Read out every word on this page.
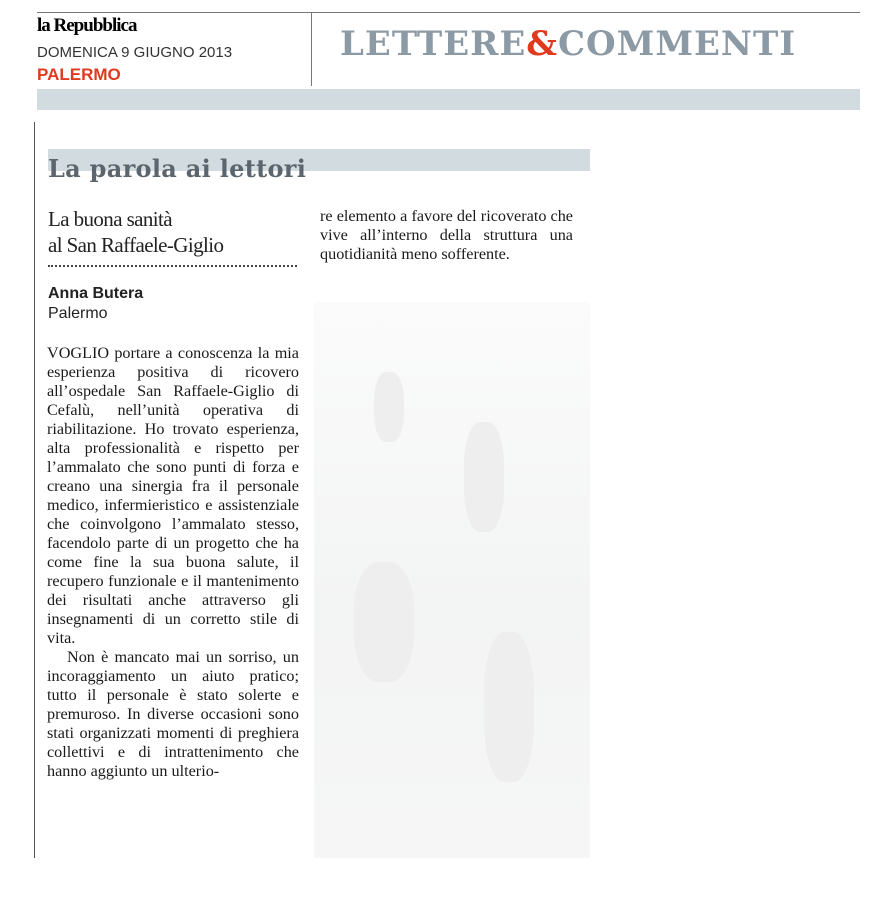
la Repubblica
DOMENICA 9 GIUGNO 2013
PALERMO
LETTERE&COMMENTI
La parola ai lettori
La buona sanità
al San Raffaele-Giglio
Anna Butera
Palermo

VOGLIO portare a conoscenza la mia esperienza positiva di ricovero all’ospedale San Raffaele-Giglio di Cefalù, nell’unità operativa di riabilitazione. Ho trovato esperienza, alta professionalità e rispetto per l’ammalato che sono punti di forza e creano una sinergia fra il personale medico, infermieristico e assistenziale che coinvolgono l’ammalato stesso, facendolo parte di un progetto che ha come fine la sua buona salute, il recupero funzionale e il mantenimento dei risultati anche attraverso gli insegnamenti di un corretto stile di vita.

Non è mancato mai un sorriso, un incoraggiamento un aiuto pratico; tutto il personale è stato solerte e premuroso. In diverse occasioni sono stati organizzati momenti di preghiera collettivi e di intrattenimento che hanno aggiunto un ulterio-

re elemento a favore del ricoverato che vive all’interno della struttura una quotidianità meno sofferente.
